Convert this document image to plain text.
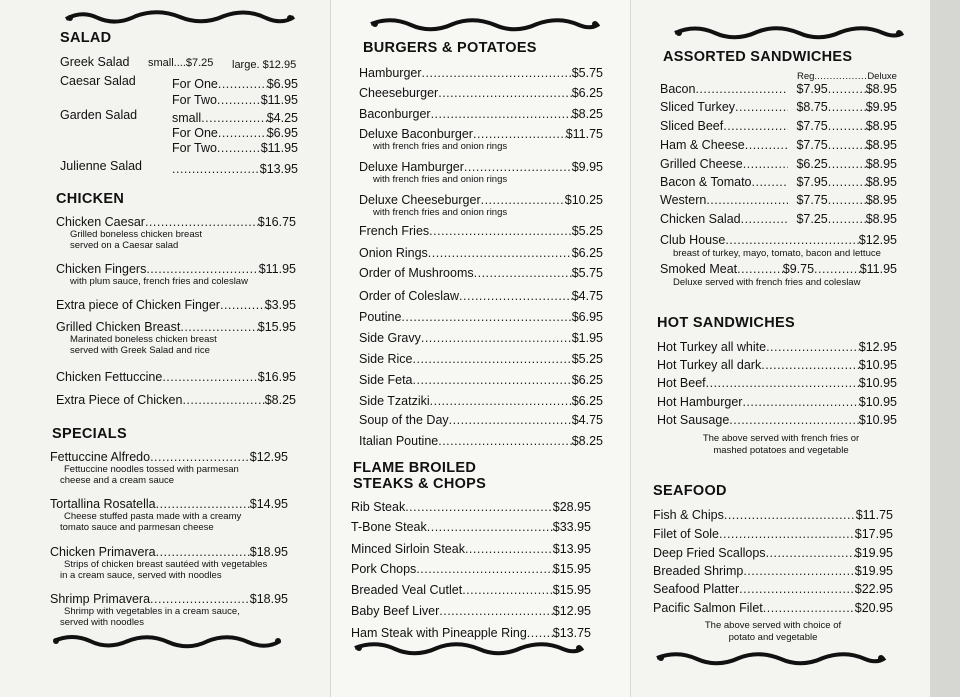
SALAD
Greek Salad small....$7.25 large. $12.95
Caesar Salad	For One .....	$6.95
For Two .....	$11.95
Garden Salad	small .....	$4.25
For One .....	$6.95
For Two .....	$11.95
Julienne Salad .....	$13.95
CHICKEN
Chicken Caesar .....	$16.75
Grilled boneless chicken breast
served on a Caesar salad
Chicken Fingers .....	$11.95
with plum sauce, french fries and coleslaw
Extra piece of Chicken Finger .....	$3.95
Grilled Chicken Breast .....	$15.95
Marinated boneless chicken breast
served with Greek Salad and rice
Chicken Fettuccine .....	$16.95
Extra Piece of Chicken .....	$8.25
SPECIALS
Fettuccine Alfredo .....	$12.95
Fettuccine noodles tossed with parmesan
cheese and a cream sauce
Tortallina Rosatella .....	$14.95
Cheese stuffed pasta made with a creamy
tomato sauce and parmesan cheese
Chicken Primavera .....	$18.95
Strips of chicken breast sautéed with vegetables
in a cream sauce, served with noodles
Shrimp Primavera .....	$18.95
Shrimp with vegetables in a cream sauce,
served with noodles
BURGERS & POTATOES
Hamburger .....	$5.75
Cheeseburger .....	$6.25
Baconburger .....	$8.25
Deluxe Baconburger .....	$11.75
with french fries and onion rings
Deluxe Hamburger .....	$9.95
with french fries and onion rings
Deluxe Cheeseburger .....	$10.25
with french fries and onion rings
French Fries .....	$5.25
Onion Rings .....	$6.25
Order of Mushrooms .....	$5.75
Order of Coleslaw .....	$4.75
Poutine .....	$6.95
Side Gravy .....	$1.95
Side Rice .....	$5.25
Side Feta .....	$6.25
Side Tzatziki .....	$6.25
Soup of the Day .....	$4.75
Italian Poutine .....	$8.25
FLAME BROILED
STEAKS & CHOPS
Rib Steak .....	$28.95
T-Bone Steak .....	$33.95
Minced Sirloin Steak .....	$13.95
Pork Chops .....	$15.95
Breaded Veal Cutlet .....	$15.95
Baby Beef Liver .....	$12.95
Ham Steak with Pineapple Ring ..... $13.75
ASSORTED SANDWICHES
Reg.................Deluxe
Bacon .....	$7.95 .....	$8.95
Sliced Turkey .....	$8.75 .....	$9.95
Sliced Beef .....	$7.75 .....	$8.95
Ham & Cheese .....	$7.75 .....	$8.95
Grilled Cheese .....	$6.25 .....	$8.95
Bacon & Tomato .....	$7.95 .....	$8.95
Western .....	$7.75 .....	$8.95
Chicken Salad .....	$7.25 .....	$8.95
Club House .....	$12.95
breast of turkey, mayo, tomato, bacon and lettuce
Smoked Meat .....	$9.75 .....	$11.95
Deluxe served with french fries and coleslaw
HOT SANDWICHES
Hot Turkey all white .....	$12.95
Hot Turkey all dark .....	$10.95
Hot Beef .....	$10.95
Hot Hamburger .....	$10.95
Hot Sausage .....	$10.95
The above served with french fries or
mashed potatoes and vegetable
SEAFOOD
Fish & Chips .....	$11.75
Filet of Sole .....	$17.95
Deep Fried Scallops .....	$19.95
Breaded Shrimp .....	$19.95
Seafood Platter .....	$22.95
Pacific Salmon Filet .....	$20.95
The above served with choice of
potato and vegetable
